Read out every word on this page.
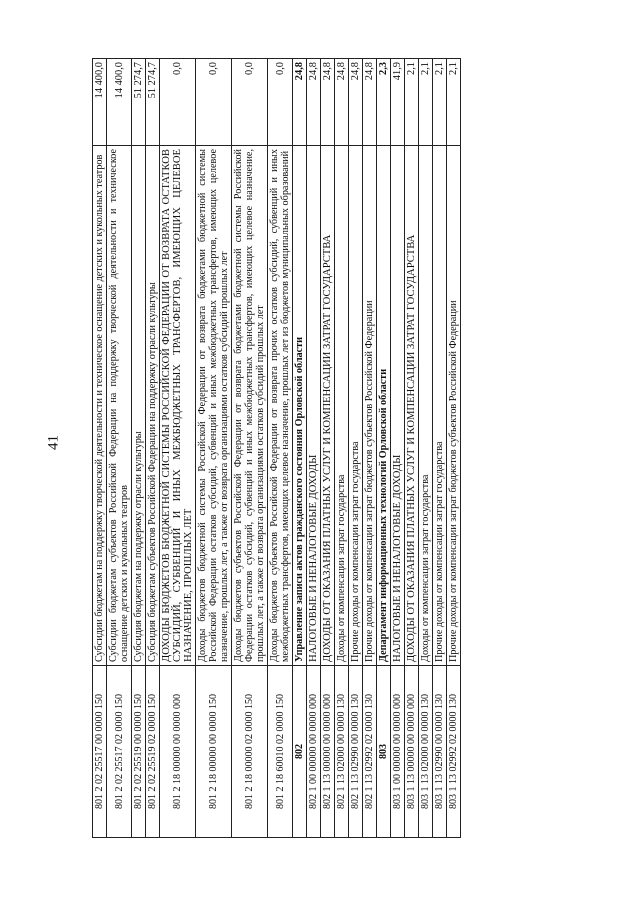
41
801 2 02 25517 00 0000 150	Субсидии бюджетам на поддержку творческой деятельности и техническое оснащение детских и кукольных театров	14 400,0
801 2 02 25517 02 0000 150	Субсидии бюджетам субъектов Российской Федерации на поддержку творческой деятельности и техническое оснащение детских и кукольных театров	14 400,0
801 2 02 25519 00 0000 150	Субсидия бюджетам на поддержку отрасли культуры	51 274,7
801 2 02 25519 02 0000 150	Субсидия бюджетам субъектов Российской Федерации на поддержку отрасли культуры	51 274,7
801 2 18 00000 00 0000 000	ДОХОДЫ БЮДЖЕТОВ БЮДЖЕТНОЙ СИСТЕМЫ РОССИЙСКОЙ ФЕДЕРАЦИИ ОТ ВОЗВРАТА ОСТАТКОВ СУБСИДИЙ, СУБВЕНЦИЙ И ИНЫХ МЕЖБЮДЖЕТНЫХ ТРАНСФЕРТОВ, ИМЕЮЩИХ ЦЕЛЕВОЕ НАЗНАЧЕНИЕ, ПРОШЛЫХ ЛЕТ	0,0
801 2 18 00000 00 0000 150	Доходы бюджетов бюджетной системы Российской Федерации от возврата бюджетами бюджетной системы Российской Федерации остатков субсидий, субвенций и иных межбюджетных трансфертов, имеющих целевое назначение, прошлых лет, а также от возврата организациями остатков субсидий прошлых лет	0,0
801 2 18 00000 02 0000 150	Доходы бюджетов субъектов Российской Федерации от возврата бюджетами бюджетной системы Российской Федерации остатков субсидий, субвенций и иных межбюджетных трансфертов, имеющих целевое назначение, прошлых лет, а также от возврата организациями остатков субсидий прошлых лет	0,0
801 2 18 60010 02 0000 150	Доходы бюджетов субъектов Российской Федерации от возврата прочих остатков субсидий, субвенций и иных межбюджетных трансфертов, имеющих целевое назначение, прошлых лет из бюджетов муниципальных образований	0,0
802	Управление записи актов гражданского состояния Орловской области	24,8
802 1 00 00000 00 0000 000	НАЛОГОВЫЕ И НЕНАЛОГОВЫЕ ДОХОДЫ	24,8
802 1 13 00000 00 0000 000	ДОХОДЫ ОТ ОКАЗАНИЯ ПЛАТНЫХ УСЛУГ И КОМПЕНСАЦИИ ЗАТРАТ ГОСУДАРСТВА	24,8
802 1 13 02000 00 0000 130	Доходы от компенсации затрат государства	24,8
802 1 13 02990 00 0000 130	Прочие доходы от компенсации затрат государства	24,8
802 1 13 02992 02 0000 130	Прочие доходы от компенсации затрат бюджетов субъектов Российской Федерации	24,8
803	Департамент информационных технологий Орловской области	2,3
803 1 00 00000 00 0000 000	НАЛОГОВЫЕ И НЕНАЛОГОВЫЕ ДОХОДЫ	41,9
803 1 13 00000 00 0000 000	ДОХОДЫ ОТ ОКАЗАНИЯ ПЛАТНЫХ УСЛУГ И КОМПЕНСАЦИИ ЗАТРАТ ГОСУДАРСТВА	2,1
803 1 13 02000 00 0000 130	Доходы от компенсации затрат государства	2,1
803 1 13 02990 00 0000 130	Прочие доходы от компенсации затрат государства	2,1
803 1 13 02992 02 0000 130	Прочие доходы от компенсации затрат бюджетов субъектов Российской Федерации	2,1
